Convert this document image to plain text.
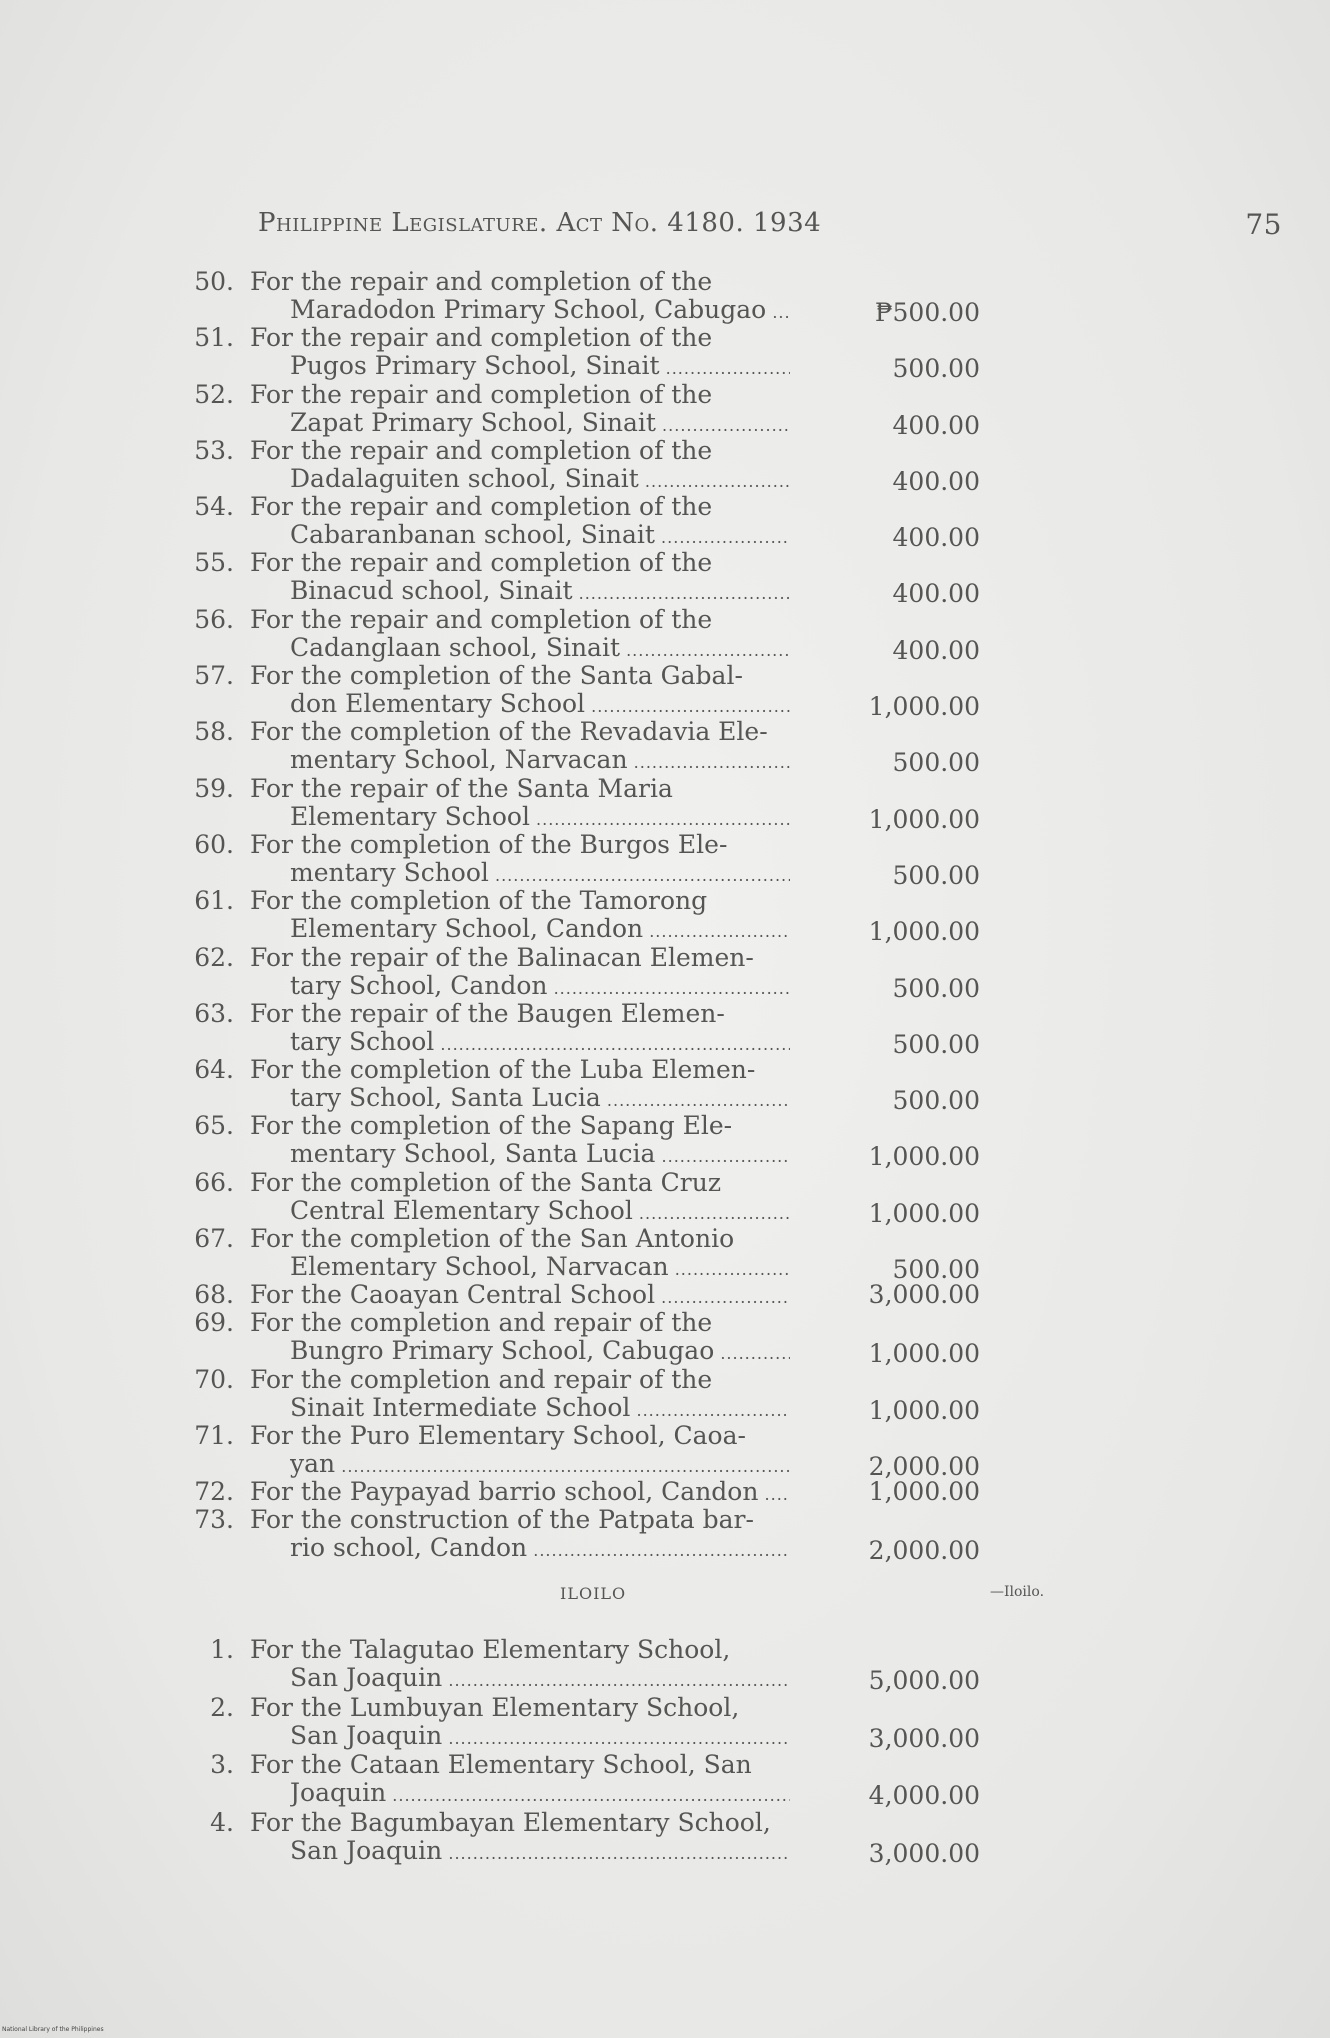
Philippine Legislature. Act No. 4180. 1934	75
50. For the repair and completion of the
Maradodon Primary School, Cabugao .....	₱500.00
51. For the repair and completion of the
Pugos Primary School, Sinait .....	500.00
52. For the repair and completion of the
Zapat Primary School, Sinait .....	400.00
53. For the repair and completion of the
Dadalaguiten school, Sinait .....	400.00
54. For the repair and completion of the
Cabaranbanan school, Sinait .....	400.00
55. For the repair and completion of the
Binacud school, Sinait .....	400.00
56. For the repair and completion of the
Cadanglaan school, Sinait .....	400.00
57. For the completion of the Santa Gabal-
don Elementary School .....	1,000.00
58. For the completion of the Revadavia Ele-
mentary School, Narvacan .....	500.00
59. For the repair of the Santa Maria
Elementary School .....	1,000.00
60. For the completion of the Burgos Ele-
mentary School .....	500.00
61. For the completion of the Tamorong
Elementary School, Candon .....	1,000.00
62. For the repair of the Balinacan Elemen-
tary School, Candon .....	500.00
63. For the repair of the Baugen Elemen-
tary School .....	500.00
64. For the completion of the Luba Elemen-
tary School, Santa Lucia .....	500.00
65. For the completion of the Sapang Ele-
mentary School, Santa Lucia .....	1,000.00
66. For the completion of the Santa Cruz
Central Elementary School .....	1,000.00
67. For the completion of the San Antonio
Elementary School, Narvacan .....	500.00
68. For the Caoayan Central School .....	3,000.00
69. For the completion and repair of the
Bungro Primary School, Cabugao .....	1,000.00
70. For the completion and repair of the
Sinait Intermediate School .....	1,000.00
71. For the Puro Elementary School, Caoa-
yan .....	2,000.00
72. For the Paypayad barrio school, Candon .....	1,000.00
73. For the construction of the Patpata bar-
rio school, Candon .....	2,000.00
ILOILO	—Iloilo.
1. For the Talagutao Elementary School,
San Joaquin .....	5,000.00
2. For the Lumbuyan Elementary School,
San Joaquin .....	3,000.00
3. For the Cataan Elementary School, San
Joaquin .....	4,000.00
4. For the Bagumbayan Elementary School,
San Joaquin .....	3,000.00
National Library of the Philippines
